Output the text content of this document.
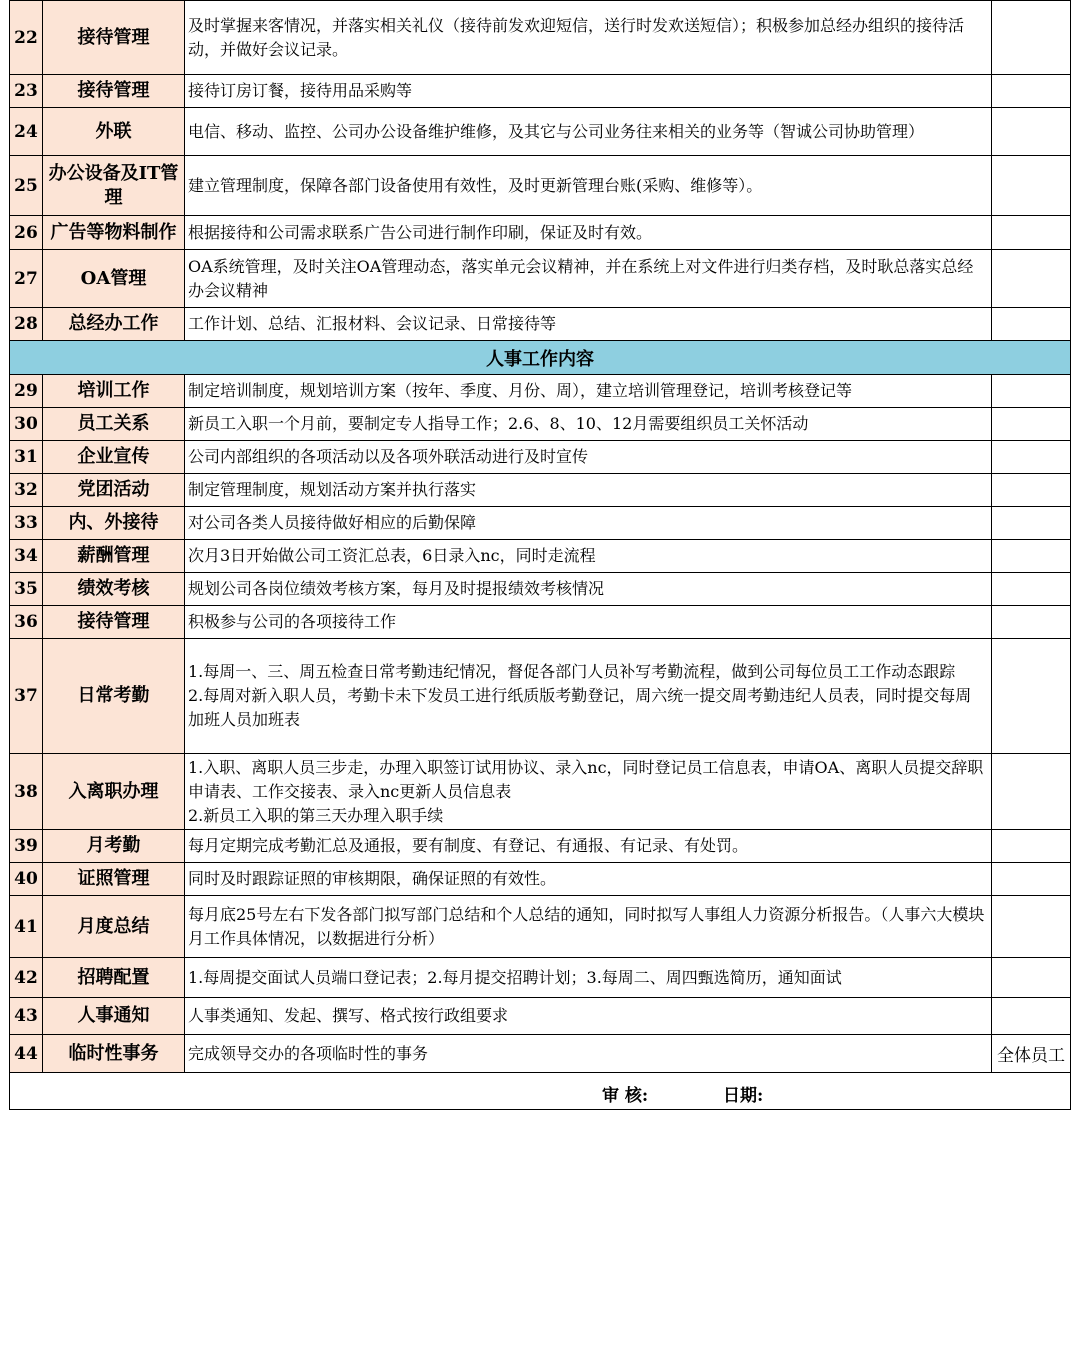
22	接待管理	及时掌握来客情况，并落实相关礼仪（接待前发欢迎短信，送行时发欢送短信）；积极参加总经办组织的接待活动，并做好会议记录。	

23	接待管理	接待订房订餐，接待用品采购等	

24	外联	电信、移动、监控、公司办公设备维护维修，及其它与公司业务往来相关的业务等（智诚公司协助管理）	

25	办公设备及IT管理	建立管理制度，保障各部门设备使用有效性，及时更新管理台账(采购、维修等）。	

26	广告等物料制作	根据接待和公司需求联系广告公司进行制作印刷，保证及时有效。	

27	OA管理	OA系统管理，及时关注OA管理动态，落实单元会议精神，并在系统上对文件进行归类存档，及时耿总落实总经办会议精神	

28	总经办工作	工作计划、总结、汇报材料、会议记录、日常接待等	

人事工作内容			
29	培训工作	制定培训制度，规划培训方案（按年、季度、月份、周），建立培训管理登记，培训考核登记等	

30	员工关系	新员工入职一个月前，要制定专人指导工作；2.6、8、10、12月需要组织员工关怀活动	

31	企业宣传	公司内部组织的各项活动以及各项外联活动进行及时宣传	

32	党团活动	制定管理制度，规划活动方案并执行落实	

33	内、外接待	对公司各类人员接待做好相应的后勤保障	

34	薪酬管理	次月3日开始做公司工资汇总表，6日录入nc，同时走流程	

35	绩效考核	规划公司各岗位绩效考核方案，每月及时提报绩效考核情况	

36	接待管理	积极参与公司的各项接待工作	

37	日常考勤	1.每周一、三、周五检查日常考勤违纪情况，督促各部门人员补写考勤流程，做到公司每位员工工作动态跟踪
2.每周对新入职人员，考勤卡未下发员工进行纸质版考勤登记，周六统一提交周考勤违纪人员表，同时提交每周加班人员加班表	

38	入离职办理	1.入职、离职人员三步走，办理入职签订试用协议、录入nc，同时登记员工信息表，申请OA、离职人员提交辞职申请表、工作交接表、录入nc更新人员信息表
2.新员工入职的第三天办理入职手续	

39	月考勤	每月定期完成考勤汇总及通报，要有制度、有登记、有通报、有记录、有处罚。	

40	证照管理	同时及时跟踪证照的审核期限，确保证照的有效性。	

41	月度总结	每月底25号左右下发各部门拟写部门总结和个人总结的通知，同时拟写人事组人力资源分析报告。（人事六大模块月工作具体情况，以数据进行分析）	

42	招聘配置	1.每周提交面试人员端口登记表；2.每月提交招聘计划；3.每周二、周四甄选简历，通知面试	

43	人事通知	人事类通知、发起、撰写、格式按行政组要求	

44	临时性事务	完成领导交办的各项临时性的事务	全体员工

审 核: 日期:			
